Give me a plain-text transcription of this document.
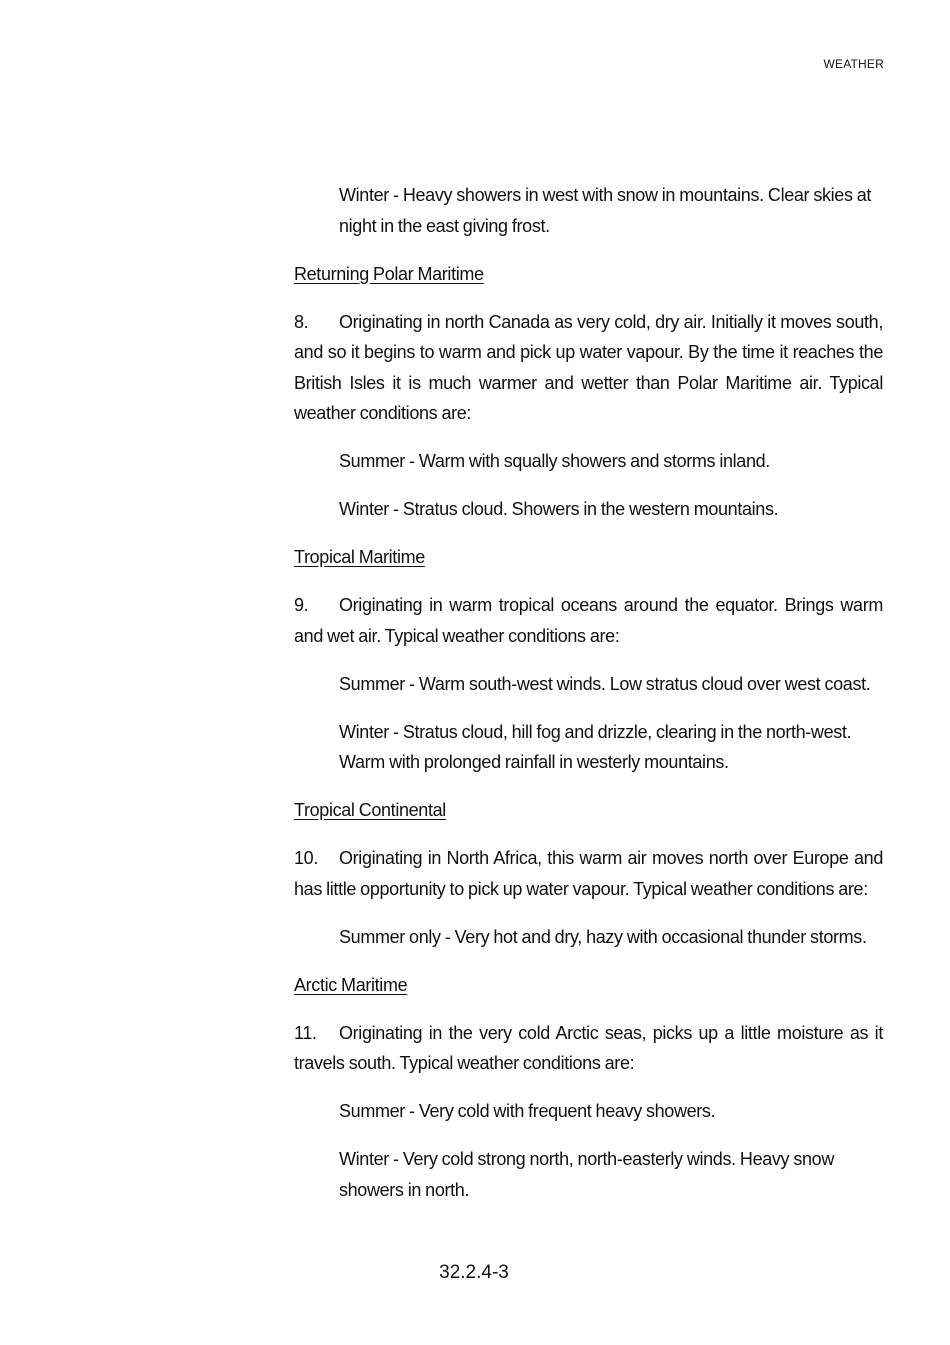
WEATHER

Winter - Heavy showers in west with snow in mountains. Clear skies at night in the east giving frost.

Returning Polar Maritime

8. Originating in north Canada as very cold, dry air. Initially it moves south, and so it begins to warm and pick up water vapour. By the time it reaches the British Isles it is much warmer and wetter than Polar Maritime air. Typical weather conditions are:

Summer - Warm with squally showers and storms inland.

Winter - Stratus cloud. Showers in the western mountains.

Tropical Maritime

9. Originating in warm tropical oceans around the equator. Brings warm and wet air. Typical weather conditions are:

Summer - Warm south-west winds. Low stratus cloud over west coast.

Winter - Stratus cloud, hill fog and drizzle, clearing in the north-west. Warm with prolonged rainfall in westerly mountains.

Tropical Continental

10. Originating in North Africa, this warm air moves north over Europe and has little opportunity to pick up water vapour. Typical weather conditions are:

Summer only - Very hot and dry, hazy with occasional thunder storms.

Arctic Maritime

11. Originating in the very cold Arctic seas, picks up a little moisture as it travels south. Typical weather conditions are:

Summer - Very cold with frequent heavy showers.

Winter - Very cold strong north, north-easterly winds. Heavy snow showers in north.

32.2.4-3
